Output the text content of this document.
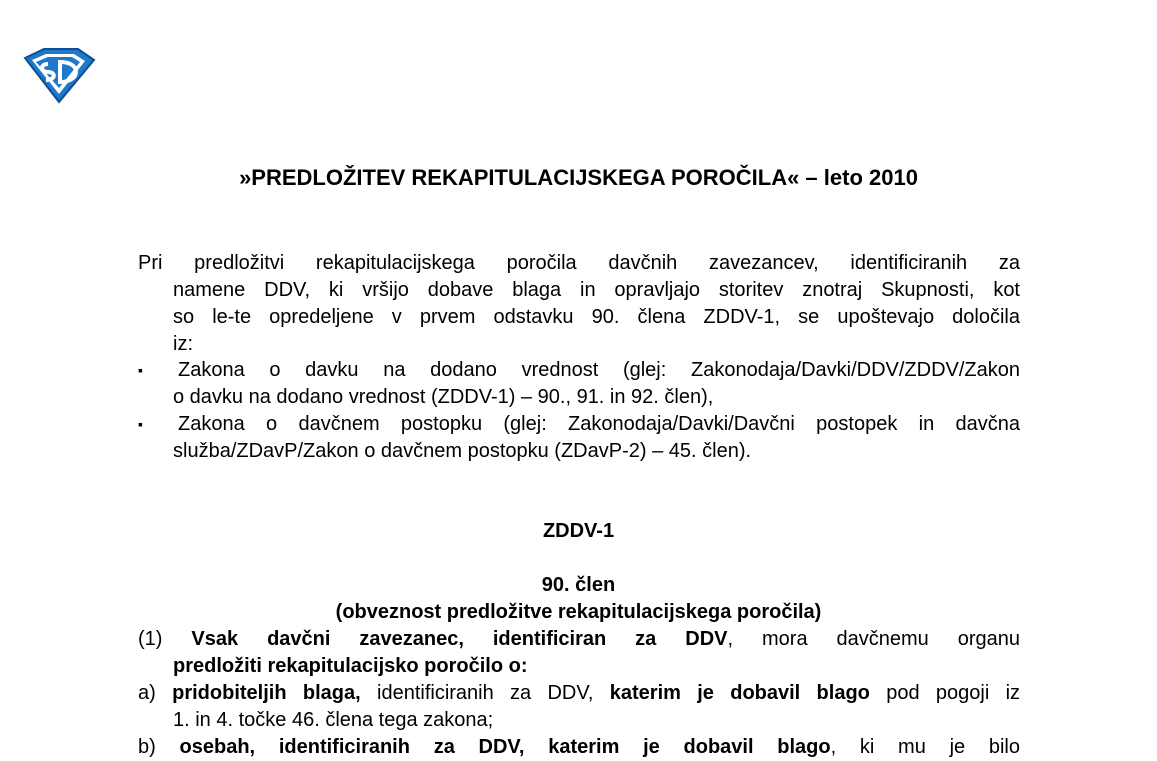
»PREDLOŽITEV REKAPITULACIJSKEGA POROČILA« – leto 2010
Pri predložitvi rekapitulacijskega poročila davčnih zavezancev, identificiranih za
namene DDV, ki vršijo dobave blaga in opravljajo storitev znotraj Skupnosti, kot
so le-te opredeljene v prvem odstavku 90. člena ZDDV-1, se upoštevajo določila
iz:
▪ Zakona o davku na dodano vrednost (glej: Zakonodaja/Davki/DDV/ZDDV/Zakon
o davku na dodano vrednost (ZDDV-1) – 90., 91. in 92. člen),
▪ Zakona o davčnem postopku (glej: Zakonodaja/Davki/Davčni postopek in davčna
služba/ZDavP/Zakon o davčnem postopku (ZDavP-2) – 45. člen).
ZDDV-1
90. člen
(obveznost predložitve rekapitulacijskega poročila)
(1) Vsak davčni zavezanec, identificiran za DDV, mora davčnemu organu
predložiti rekapitulacijsko poročilo o:
a) pridobiteljih blaga, identificiranih za DDV, katerim je dobavil blago pod pogoji iz
1. in 4. točke 46. člena tega zakona;
b) osebah, identificiranih za DDV, katerim je dobavil blago, ki mu je bilo
